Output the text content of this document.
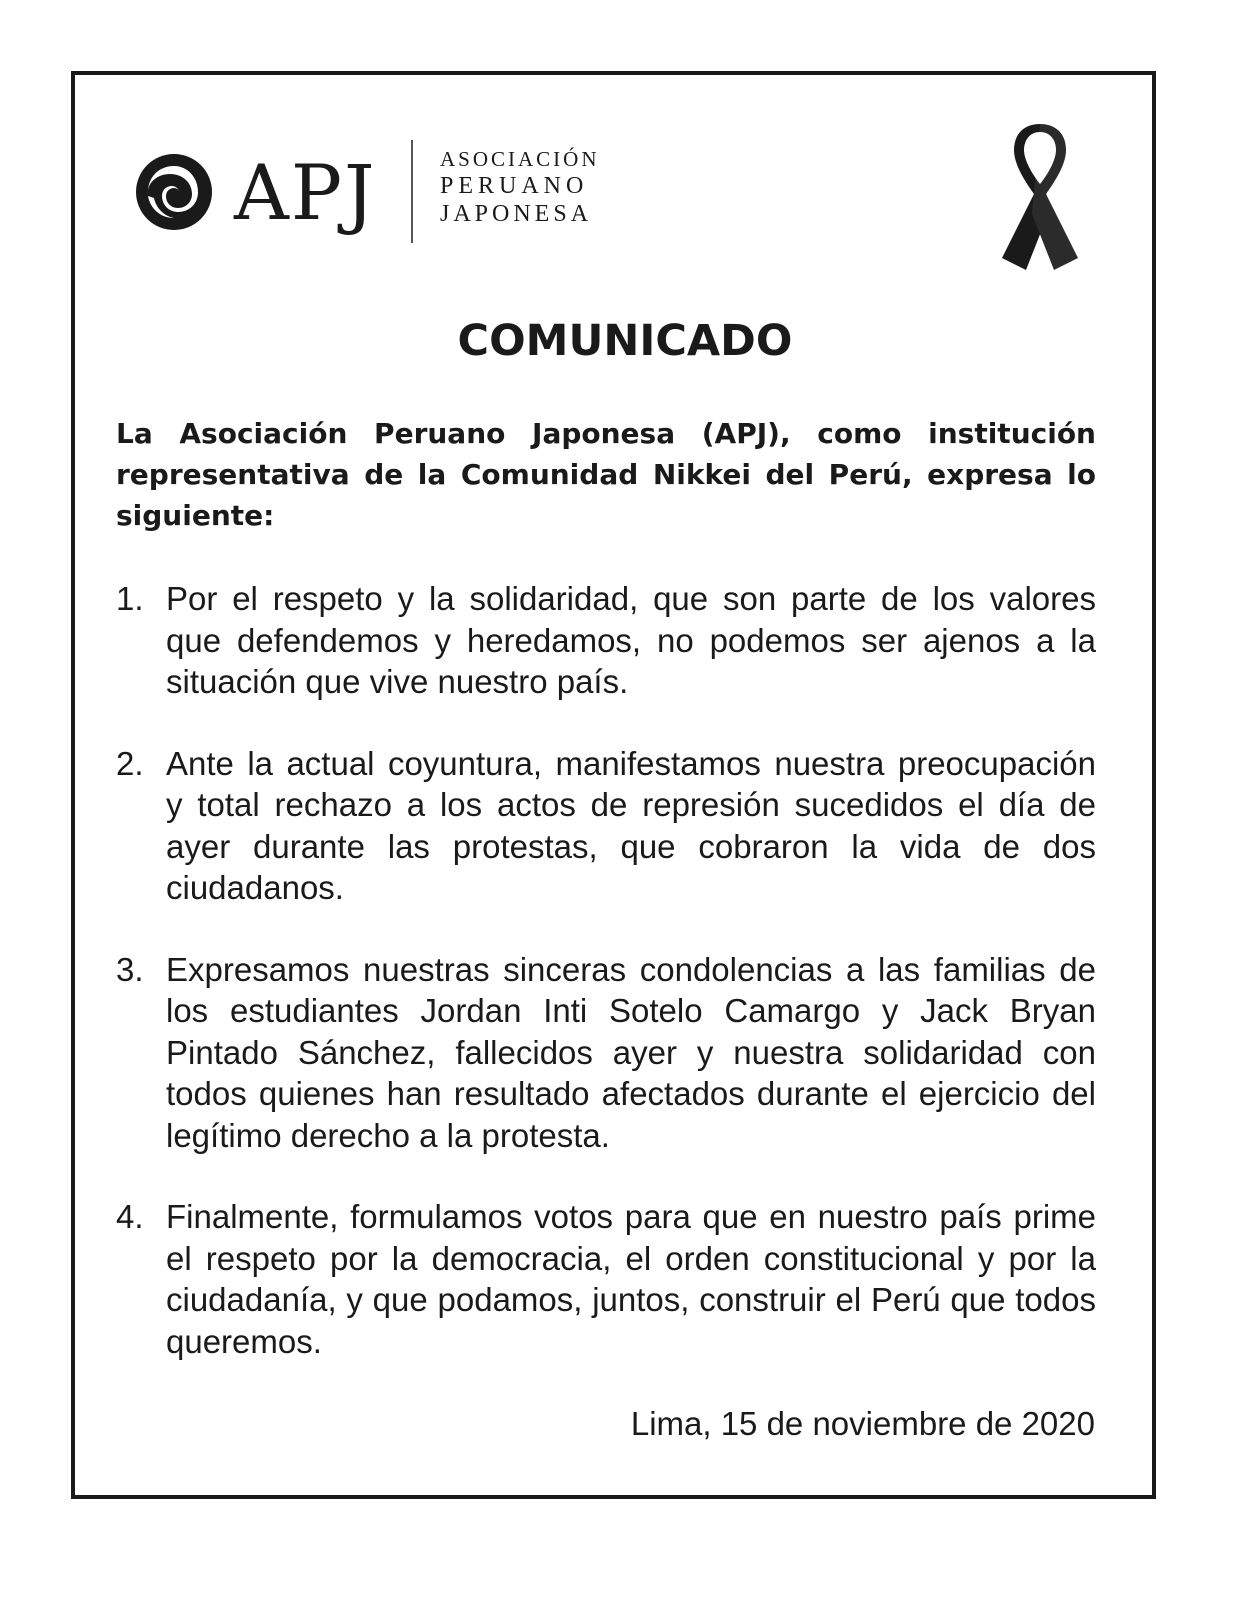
APJ	ASOCIACIÓN
PERUANO
JAPONESA
COMUNICADO
La Asociación Peruano Japonesa (APJ), como institución representativa de la Comunidad Nikkei del Perú, expresa lo siguiente:
1. Por el respeto y la solidaridad, que son parte de los valores que defendemos y heredamos, no podemos ser ajenos a la situación que vive nuestro país.
2. Ante la actual coyuntura, manifestamos nuestra preocupación y total rechazo a los actos de represión sucedidos el día de ayer durante las protestas, que cobraron la vida de dos ciudadanos.
3. Expresamos nuestras sinceras condolencias a las familias de los estudiantes Jordan Inti Sotelo Camargo y Jack Bryan Pintado Sánchez, fallecidos ayer y nuestra solidaridad con todos quienes han resultado afectados durante el ejercicio del legítimo derecho a la protesta.
4. Finalmente, formulamos votos para que en nuestro país prime el respeto por la democracia, el orden constitucional y por la ciudadanía, y que podamos, juntos, construir el Perú que todos queremos.
Lima, 15 de noviembre de 2020
